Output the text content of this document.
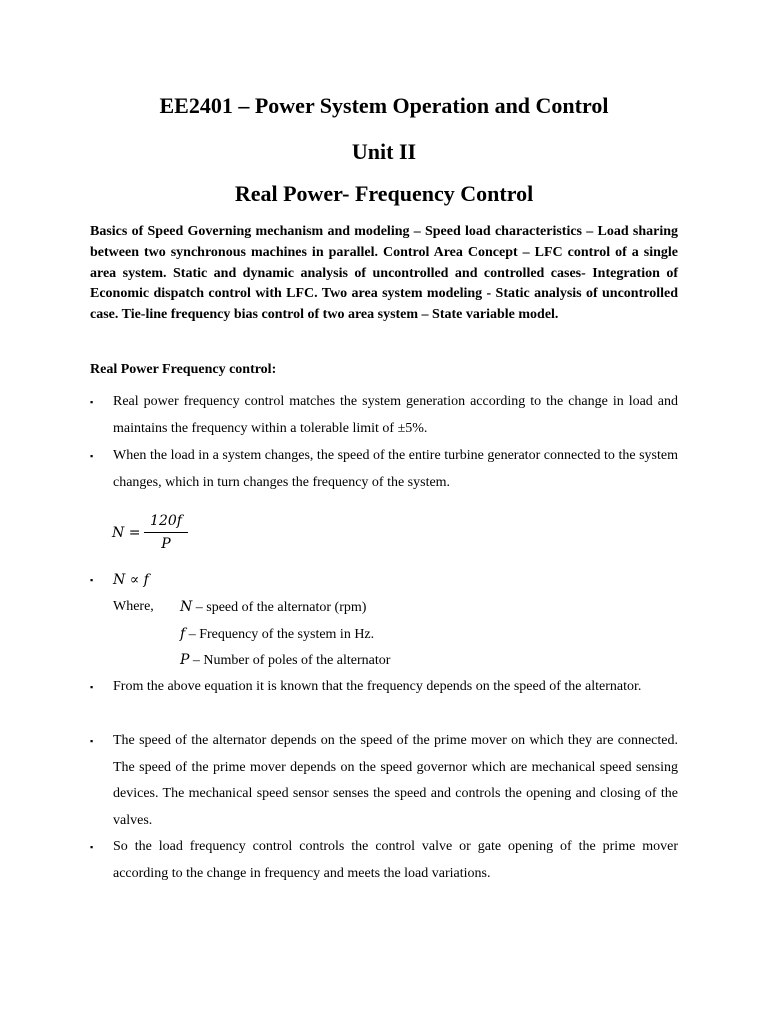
EE2401 – Power System Operation and Control
Unit II
Real Power- Frequency Control

Basics of Speed Governing mechanism and modeling – Speed load characteristics – Load sharing between two synchronous machines in parallel. Control Area Concept – LFC control of a single area system. Static and dynamic analysis of uncontrolled and controlled cases- Integration of Economic dispatch control with LFC. Two area system modeling - Static analysis of uncontrolled case. Tie-line frequency bias control of two area system – State variable model.

Real Power Frequency control:

▪ Real power frequency control matches the system generation according to the change in load and maintains the frequency within a tolerable limit of ±5%.
▪ When the load in a system changes, the speed of the entire turbine generator connected to the system changes, which in turn changes the frequency of the system.
N =
120f
P
▪ N ∝ f
Where, N – speed of the alternator (rpm)
f – Frequency of the system in Hz.
P – Number of poles of the alternator
▪ From the above equation it is known that the frequency depends on the speed of the alternator.
▪ The speed of the alternator depends on the speed of the prime mover on which they are connected. The speed of the prime mover depends on the speed governor which are mechanical speed sensing devices. The mechanical speed sensor senses the speed and controls the opening and closing of the valves.
▪ So the load frequency control controls the control valve or gate opening of the prime mover according to the change in frequency and meets the load variations.
